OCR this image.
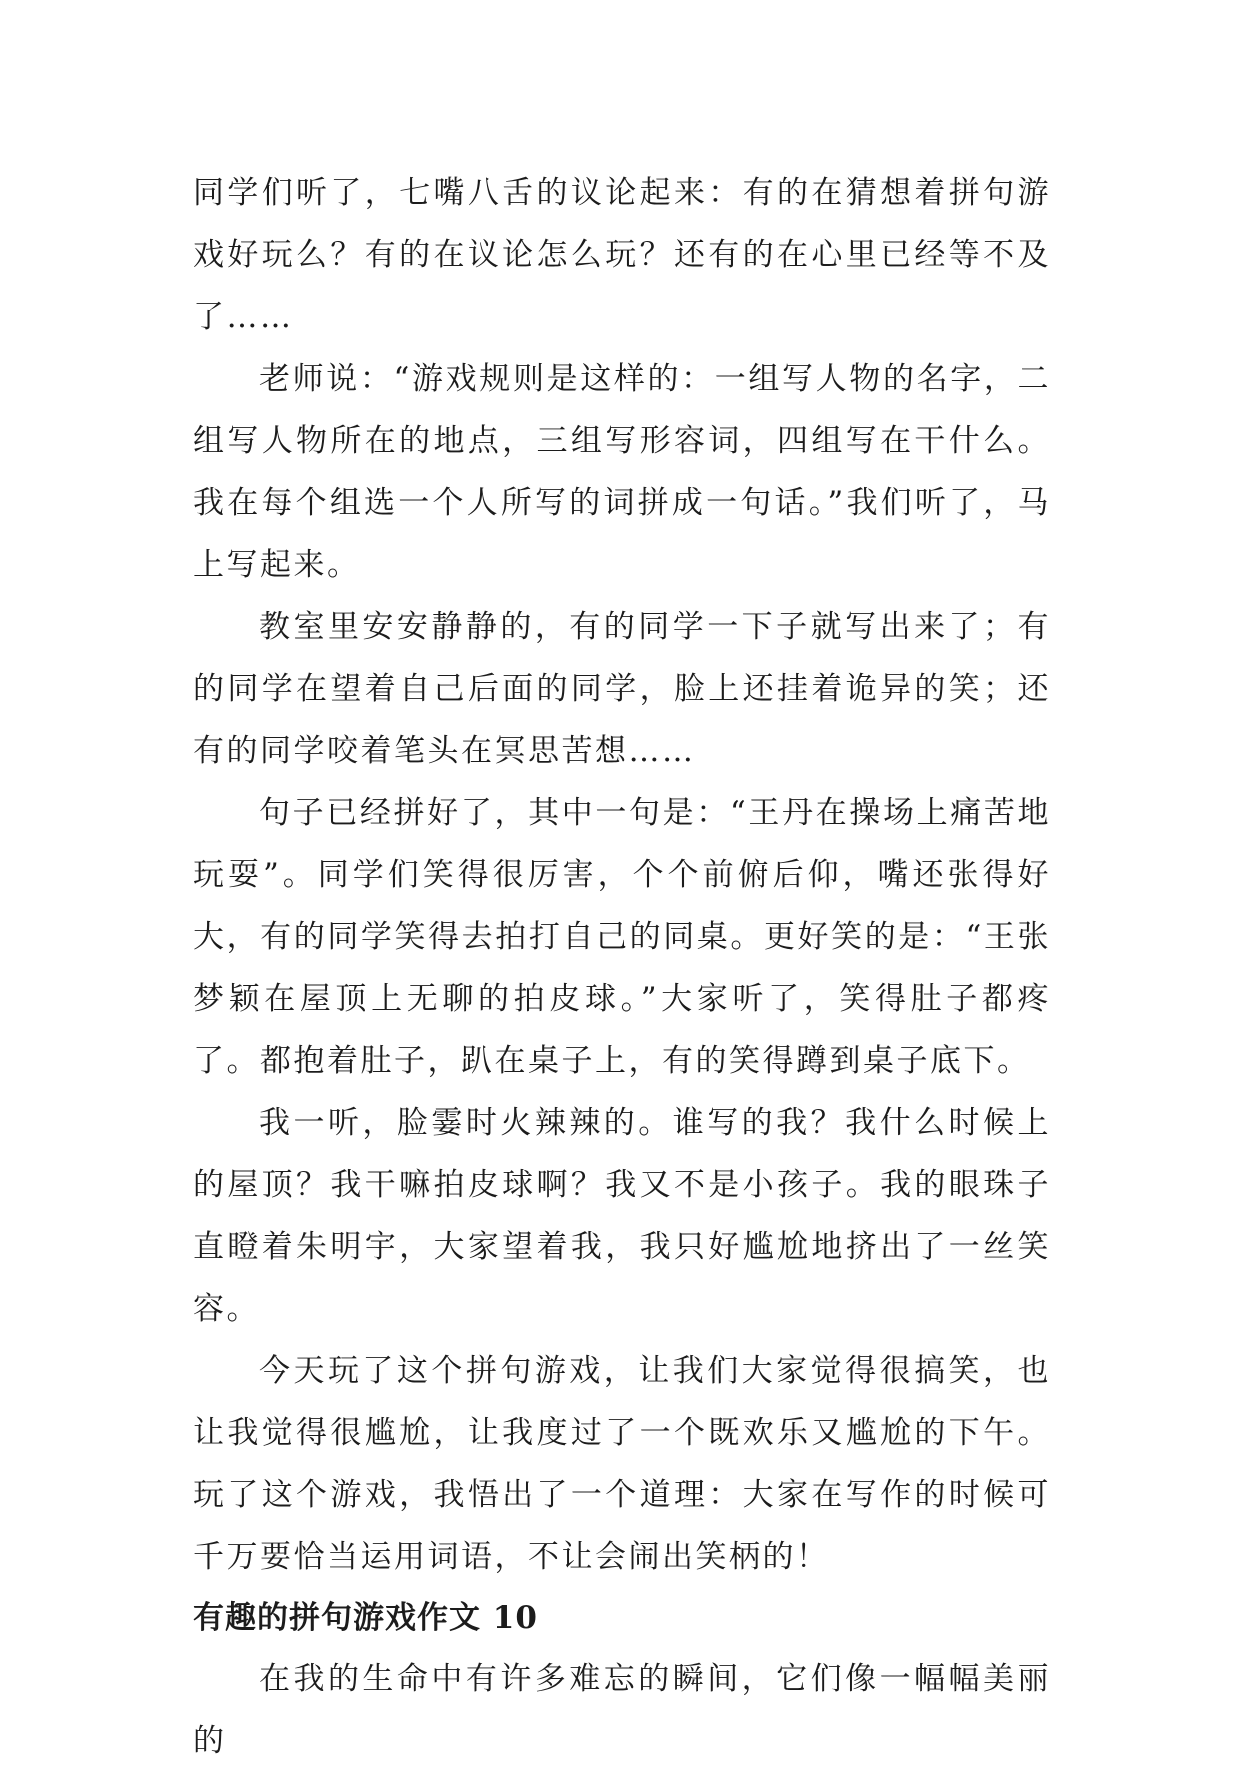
同学们听了，七嘴八舌的议论起来：有的在猜想着拼句游戏好玩么？有的在议论怎么玩？还有的在心里已经等不及了……

老师说：“游戏规则是这样的：一组写人物的名字，二组写人物所在的地点，三组写形容词，四组写在干什么。我在每个组选一个人所写的词拼成一句话。”我们听了，马上写起来。

教室里安安静静的，有的同学一下子就写出来了；有的同学在望着自己后面的同学，脸上还挂着诡异的笑；还有的同学咬着笔头在冥思苦想……

句子已经拼好了，其中一句是：“王丹在操场上痛苦地玩耍”。同学们笑得很厉害，个个前俯后仰，嘴还张得好大，有的同学笑得去拍打自己的同桌。更好笑的是：“王张梦颖在屋顶上无聊的拍皮球。”大家听了，笑得肚子都疼了。都抱着肚子，趴在桌子上，有的笑得蹲到桌子底下。

我一听，脸霎时火辣辣的。谁写的我？我什么时候上的屋顶？我干嘛拍皮球啊？我又不是小孩子。我的眼珠子直瞪着朱明宇，大家望着我，我只好尴尬地挤出了一丝笑容。

今天玩了这个拼句游戏，让我们大家觉得很搞笑，也让我觉得很尴尬，让我度过了一个既欢乐又尴尬的下午。玩了这个游戏，我悟出了一个道理：大家在写作的时候可千万要恰当运用词语，不让会闹出笑柄的！

有趣的拼句游戏作文 10

在我的生命中有许多难忘的瞬间，它们像一幅幅美丽的
